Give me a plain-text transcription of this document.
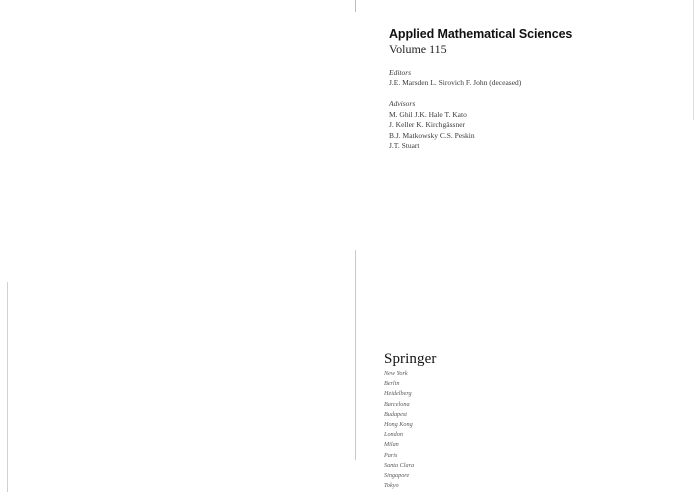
Applied Mathematical Sciences
Volume 115
Editors
J.E. Marsden L. Sirovich F. John (deceased)
Advisors
M. Ghil J.K. Hale T. Kato
J. Keller K. Kirchgässner
B.J. Matkowsky C.S. Peskin
J.T. Stuart
Springer
New York
Berlin
Heidelberg
Barcelona
Budapest
Hong Kong
London
Milan
Paris
Santa Clara
Singapore
Tokyo
